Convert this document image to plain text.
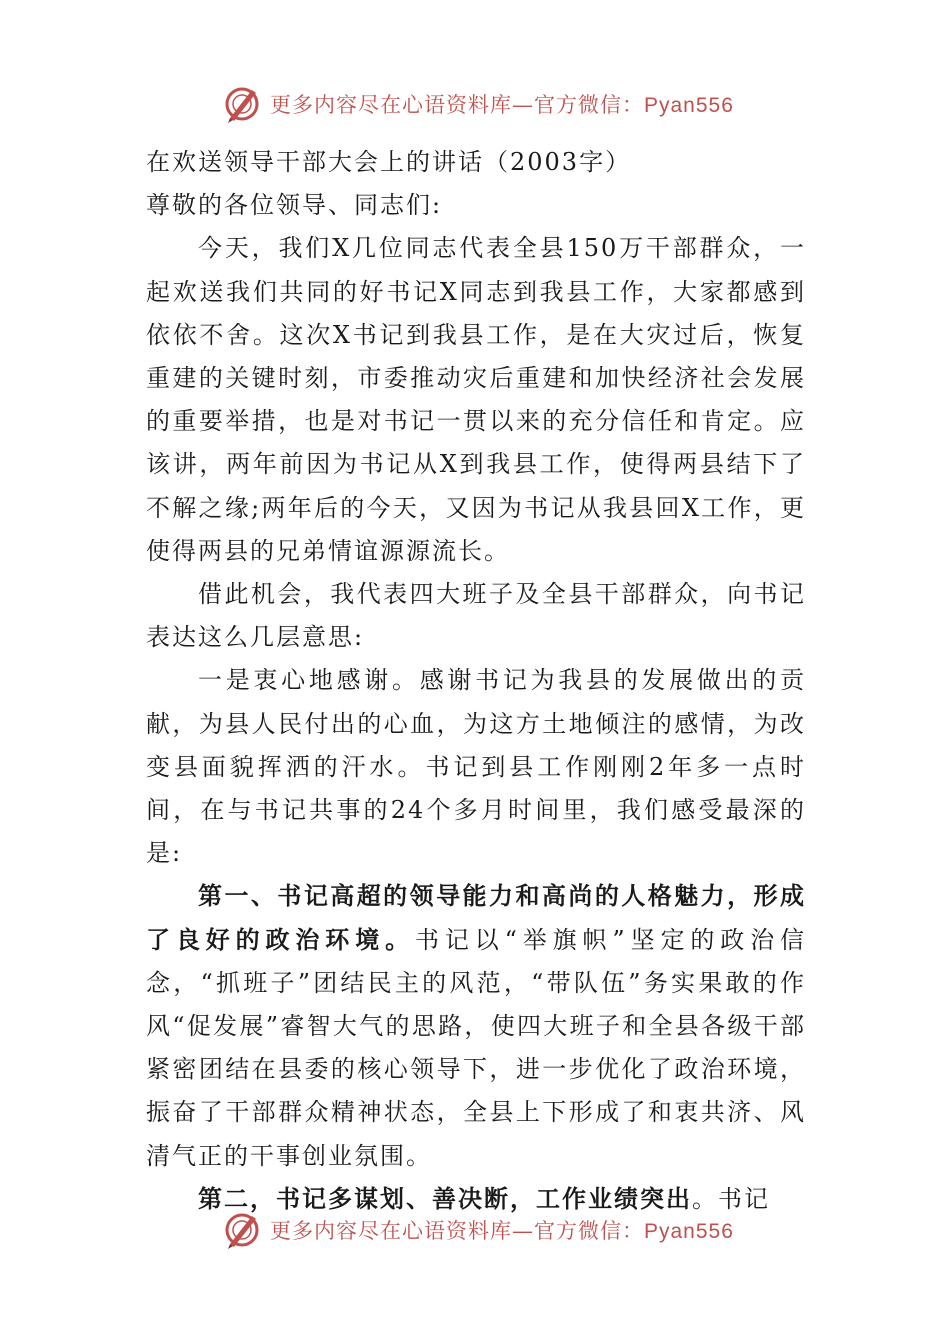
更多内容尽在心语资料库—官方微信：Pyan556

在欢送领导干部大会上的讲话（2003字）

尊敬的各位领导、同志们:

今天，我们X几位同志代表全县150万干部群众，一起欢送我们共同的好书记X同志到我县工作，大家都感到依依不舍。这次X书记到我县工作，是在大灾过后，恢复重建的关键时刻，市委推动灾后重建和加快经济社会发展的重要举措，也是对书记一贯以来的充分信任和肯定。应该讲，两年前因为书记从X到我县工作，使得两县结下了不解之缘;两年后的今天，又因为书记从我县回X工作，更使得两县的兄弟情谊源源流长。

借此机会，我代表四大班子及全县干部群众，向书记表达这么几层意思:

一是衷心地感谢。感谢书记为我县的发展做出的贡献，为县人民付出的心血，为这方土地倾注的感情，为改变县面貌挥洒的汗水。书记到县工作刚刚2年多一点时间，在与书记共事的24个多月时间里，我们感受最深的是:

第一、书记高超的领导能力和高尚的人格魅力，形成了良好的政治环境。书记以“举旗帜”坚定的政治信念，“抓班子”团结民主的风范，“带队伍”务实果敢的作风“促发展”睿智大气的思路，使四大班子和全县各级干部紧密团结在县委的核心领导下，进一步优化了政治环境，振奋了干部群众精神状态，全县上下形成了和衷共济、风清气正的干事创业氛围。

第二，书记多谋划、善决断，工作业绩突出。书记

更多内容尽在心语资料库—官方微信：Pyan556
